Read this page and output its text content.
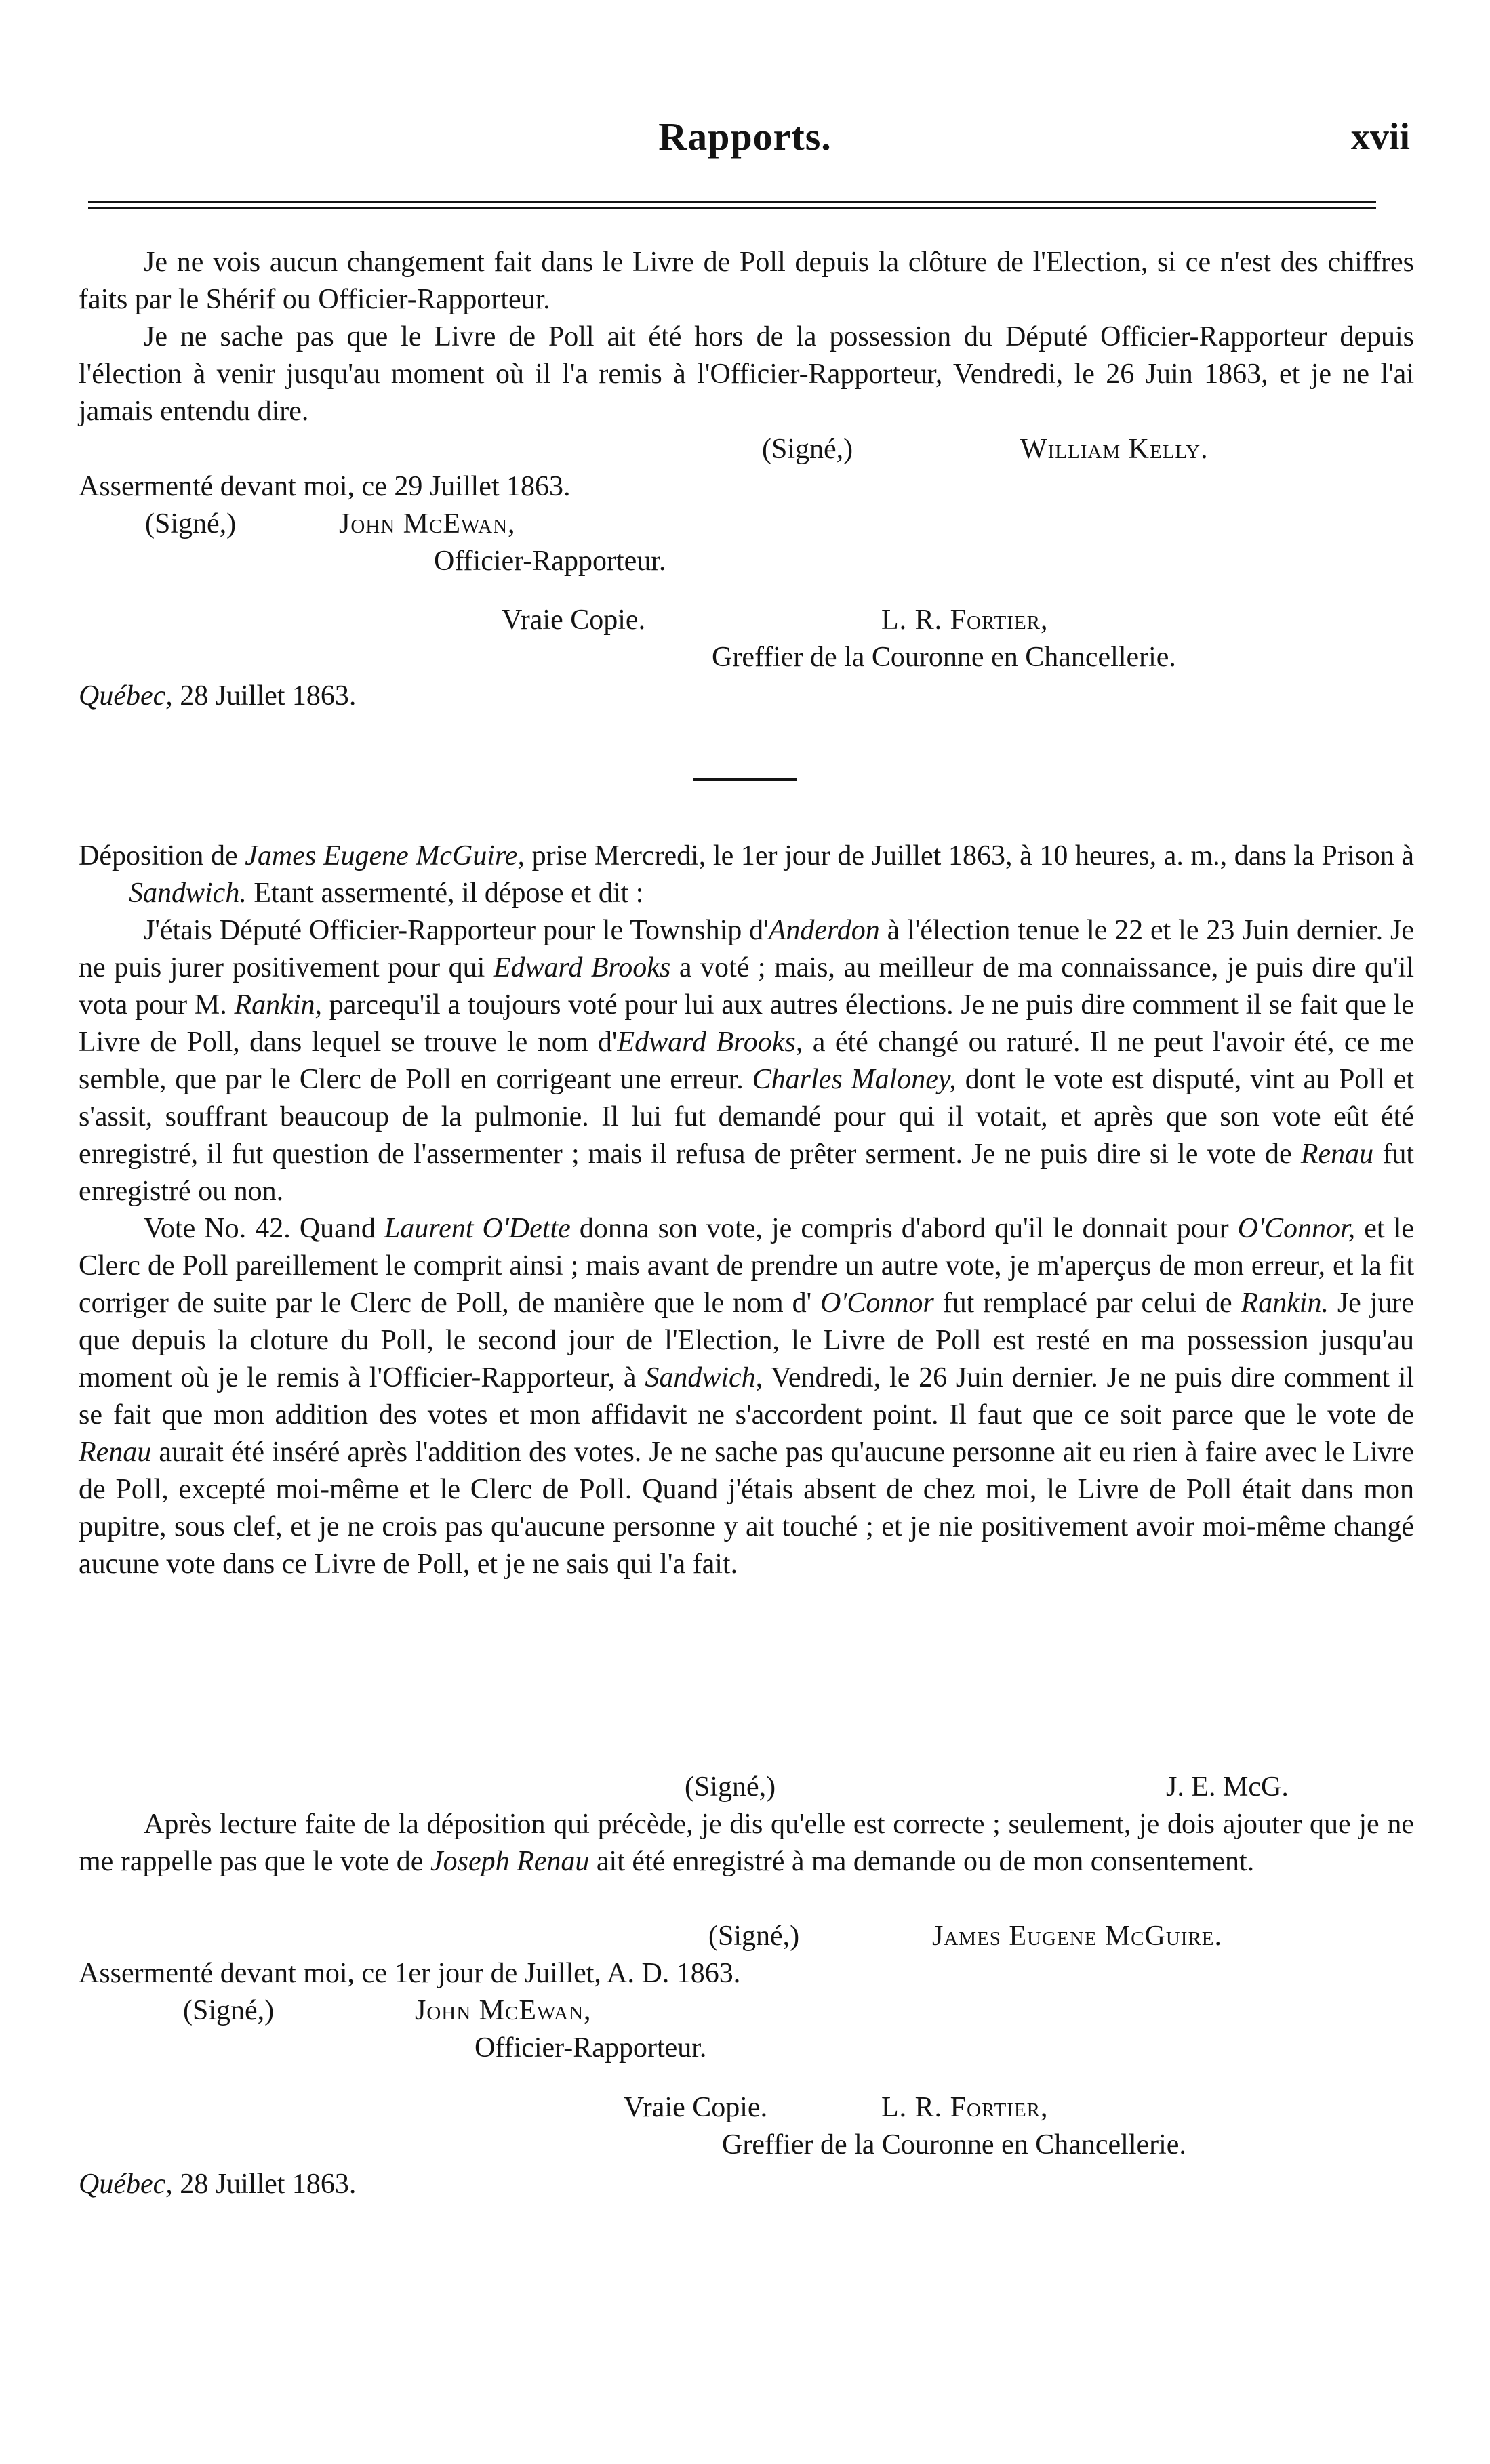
Rapports.	xvii

Je ne vois aucun changement fait dans le Livre de Poll depuis la clôture de l'Election, si ce n'est des chiffres faits par le Shérif ou Officier-Rapporteur.

Je ne sache pas que le Livre de Poll ait été hors de la possession du Député Officier-Rapporteur depuis l'élection à venir jusqu'au moment où il l'a remis à l'Officier-Rapporteur, Vendredi, le 26 Juin 1863, et je ne l'ai jamais entendu dire.

(Signé,)	William Kelly.
Assermenté devant moi, ce 29 Juillet 1863.
(Signé,)	John McEwan,
Officier-Rapporteur.
Vraie Copie.	L. R. Fortier,
Greffier de la Couronne en Chancellerie.
Québec, 28 Juillet 1863.

Déposition de James Eugene McGuire, prise Mercredi, le 1er jour de Juillet 1863, à 10 heures, a. m., dans la Prison à Sandwich. Etant assermenté, il dépose et dit :

J'étais Député Officier-Rapporteur pour le Township d'Anderdon à l'élection tenue le 22 et le 23 Juin dernier. Je ne puis jurer positivement pour qui Edward Brooks a voté ; mais, au meilleur de ma connaissance, je puis dire qu'il vota pour M. Rankin, parcequ'il a toujours voté pour lui aux autres élections. Je ne puis dire comment il se fait que le Livre de Poll, dans lequel se trouve le nom d'Edward Brooks, a été changé ou raturé. Il ne peut l'avoir été, ce me semble, que par le Clerc de Poll en corrigeant une erreur. Charles Maloney, dont le vote est disputé, vint au Poll et s'assit, souffrant beaucoup de la pulmonie. Il lui fut demandé pour qui il votait, et après que son vote eût été enregistré, il fut question de l'assermenter ; mais il refusa de prêter serment. Je ne puis dire si le vote de Renau fut enregistré ou non.

Vote No. 42. Quand Laurent O'Dette donna son vote, je compris d'abord qu'il le donnait pour O'Connor, et le Clerc de Poll pareillement le comprit ainsi ; mais avant de prendre un autre vote, je m'aperçus de mon erreur, et la fit corriger de suite par le Clerc de Poll, de manière que le nom d' O'Connor fut remplacé par celui de Rankin. Je jure que depuis la cloture du Poll, le second jour de l'Election, le Livre de Poll est resté en ma possession jusqu'au moment où je le remis à l'Officier-Rapporteur, à Sandwich, Vendredi, le 26 Juin dernier. Je ne puis dire comment il se fait que mon addition des votes et mon affidavit ne s'accordent point. Il faut que ce soit parce que le vote de Renau aurait été inséré après l'addition des votes. Je ne sache pas qu'aucune personne ait eu rien à faire avec le Livre de Poll, excepté moi-même et le Clerc de Poll. Quand j'étais absent de chez moi, le Livre de Poll était dans mon pupitre, sous clef, et je ne crois pas qu'aucune personne y ait touché ; et je nie positivement avoir moi-même changé aucune vote dans ce Livre de Poll, et je ne sais qui l'a fait.

(Signé,)	J. E. McG.

Après lecture faite de la déposition qui précède, je dis qu'elle est correcte ; seulement, je dois ajouter que je ne me rappelle pas que le vote de Joseph Renau ait été enregistré à ma demande ou de mon consentement.

(Signé,)	James Eugene McGuire.
Assermenté devant moi, ce 1er jour de Juillet, A. D. 1863.
(Signé,)	John McEwan,
Officier-Rapporteur.
Vraie Copie.	L. R. Fortier,
Greffier de la Couronne en Chancellerie.
Québec, 28 Juillet 1863.
